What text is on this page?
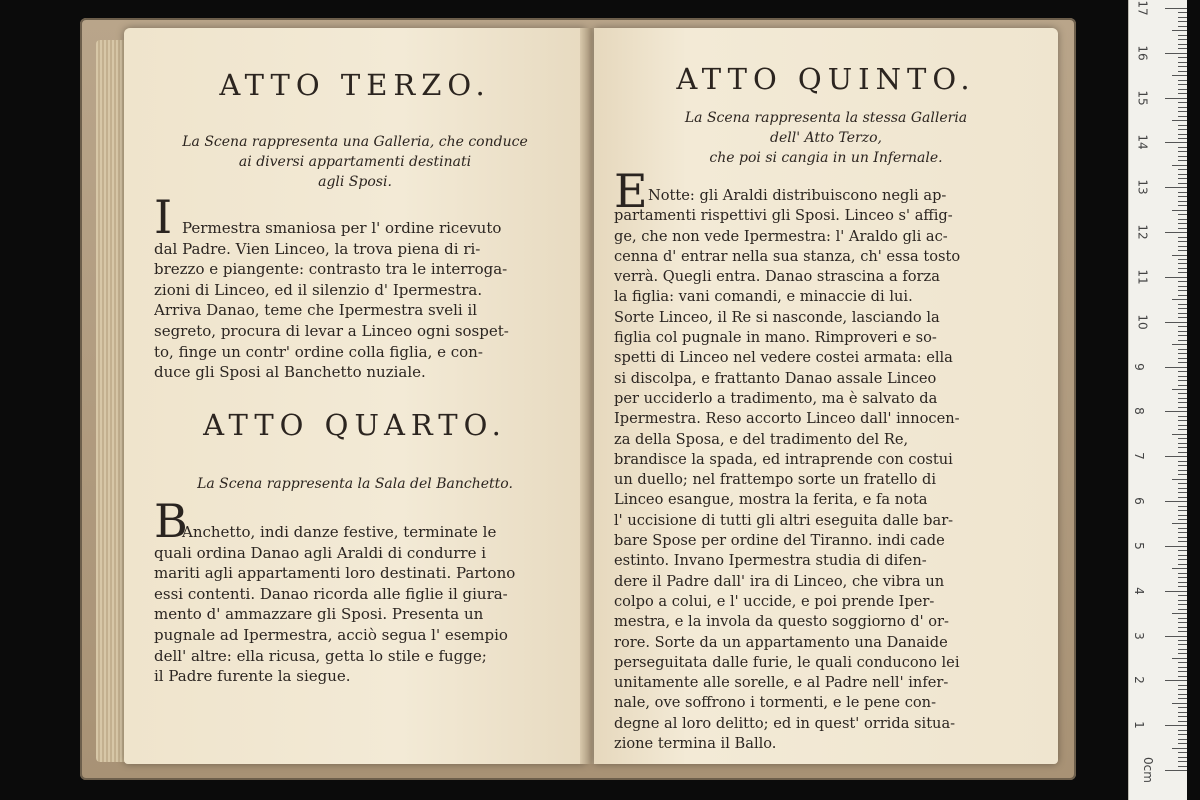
ATTO TERZO.
La Scena rappresenta una Galleria, che conduce
ai diversi appartamenti destinati
agli Sposi.
I Permestra smaniosa per l' ordine ricevuto
dal Padre. Vien Linceo, la trova piena di ri-
brezzo e piangente: contrasto tra le interroga-
zioni di Linceo, ed il silenzio d' Ipermestra.
Arriva Danao, teme che Ipermestra sveli il
segreto, procura di levar a Linceo ogni sospet-
to, finge un contr' ordine colla figlia, e con-
duce gli Sposi al Banchetto nuziale.
ATTO QUARTO.
La Scena rappresenta la Sala del Banchetto.
B
Anchetto, indi danze festive, terminate le
quali ordina Danao agli Araldi di condurre i
mariti agli appartamenti loro destinati. Partono
essi contenti. Danao ricorda alle figlie il giura-
mento d' ammazzare gli Sposi. Presenta un
pugnale ad Ipermestra, acciò segua l' esempio
dell' altre: ella ricusa, getta lo stile e fugge;
il Padre furente la siegue.
ATTO QUINTO.
La Scena rappresenta la stessa Galleria
dell' Atto Terzo,
che poi si cangia in un Infernale.
E Notte: gli Araldi distribuiscono negli ap-
partamenti rispettivi gli Sposi. Linceo s' affig-
ge, che non vede Ipermestra: l' Araldo gli ac-
cenna d' entrar nella sua stanza, ch' essa tosto
verrà. Quegli entra. Danao strascina a forza
la figlia: vani comandi, e minaccie di lui.
Sorte Linceo, il Re si nasconde, lasciando la
figlia col pugnale in mano. Rimproveri e so-
spetti di Linceo nel vedere costei armata: ella
si discolpa, e frattanto Danao assale Linceo
per ucciderlo a tradimento, ma è salvato da
Ipermestra. Reso accorto Linceo dall' innocen-
za della Sposa, e del tradimento del Re,
brandisce la spada, ed intraprende con costui
un duello; nel frattempo sorte un fratello di
Linceo esangue, mostra la ferita, e fa nota
l' uccisione di tutti gli altri eseguita dalle bar-
bare Spose per ordine del Tiranno. indi cade
estinto. Invano Ipermestra studia di difen-
dere il Padre dall' ira di Linceo, che vibra un
colpo a colui, e l' uccide, e poi prende Iper-
mestra, e la invola da questo soggiorno d' or-
rore. Sorte da un appartamento una Danaide
perseguitata dalle furie, le quali conducono lei
unitamente alle sorelle, e al Padre nell' infer-
nale, ove soffrono i tormenti, e le pene con-
degne al loro delitto; ed in quest' orrida situa-
zione termina il Ballo.
17
16
15
14
13
12
11
10
9
8
7
6
5
4
3
2
1
0cm
